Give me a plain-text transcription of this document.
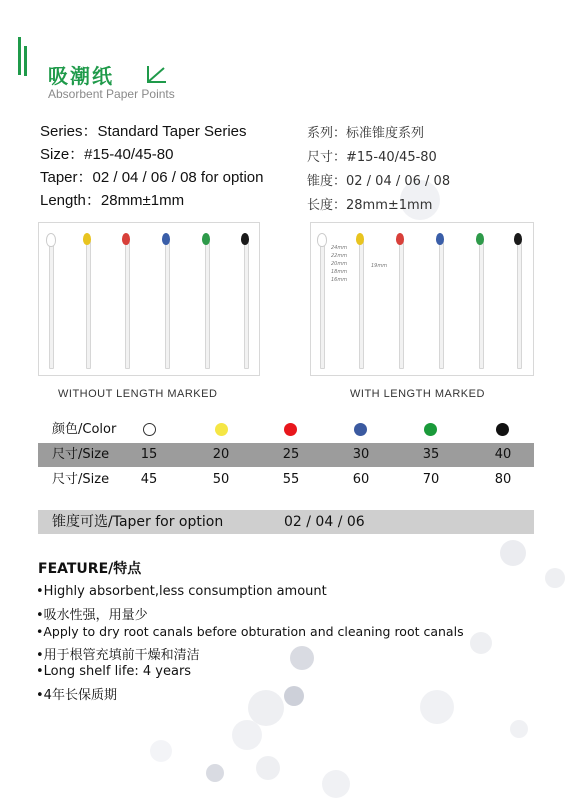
吸潮纸
Absorbent Paper Points
Series：Standard Taper Series
Size：#15-40/45-80
Taper：02 / 04 / 06 / 08 for option
Length：28mm±1mm
系列：标准锥度系列
尺寸：#15-40/45-80
锥度：02 / 04 / 06 / 08
长度：28mm±1mm
WITHOUT LENGTH MARKED
24mm
22mm
20mm
18mm
16mm
19mm
WITH LENGTH MARKED
颜色/Color
尺寸/Size	15	20	25	30	35	40
尺寸/Size	45	50	55	60	70	80
锥度可选/Taper for option	02 / 04 / 06
FEATURE/特点
•Highly absorbent,less consumption amount
•吸水性强，用量少
•Apply to dry root canals before obturation and cleaning root canals
•用于根管充填前干燥和清洁
•Long shelf life: 4 years
•4年长保质期
